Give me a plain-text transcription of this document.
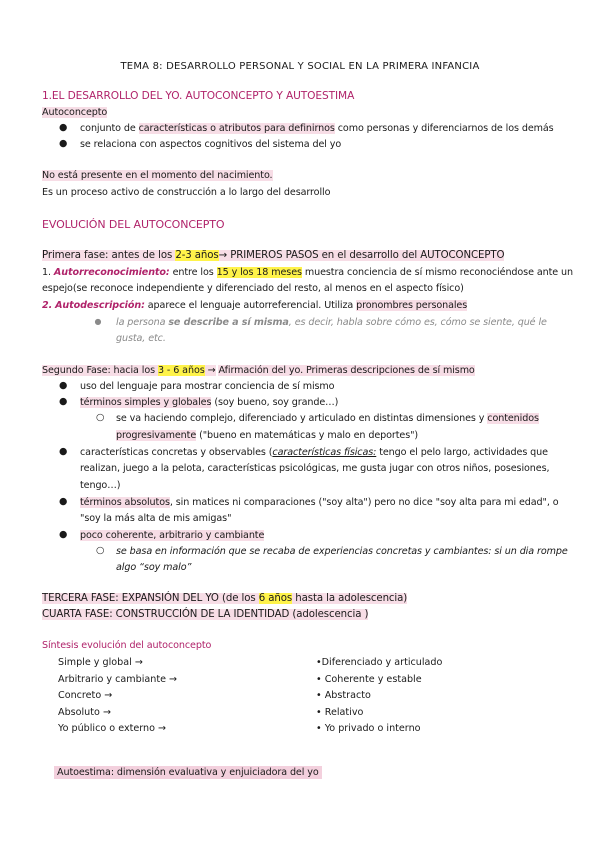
TEMA 8: DESARROLLO PERSONAL Y SOCIAL EN LA PRIMERA INFANCIA
1.EL DESARROLLO DEL YO. AUTOCONCEPTO Y AUTOESTIMA
Autoconcepto
● conjunto de características o atributos para definirnos como personas y diferenciarnos de los demás
● se relaciona con aspectos cognitivos del sistema del yo
No está presente en el momento del nacimiento.
Es un proceso activo de construcción a lo largo del desarrollo
EVOLUCIÓN DEL AUTOCONCEPTO
Primera fase: antes de los 2-3 años→ PRIMEROS PASOS en el desarrollo del AUTOCONCEPTO
1. Autorreconocimiento: entre los 15 y los 18 meses muestra conciencia de sí mismo reconociéndose ante un
espejo(se reconoce independiente y diferenciado del resto, al menos en el aspecto físico)
2. Autodescripción: aparece el lenguaje autorreferencial. Utiliza pronombres personales
● la persona se describe a sí misma, es decir, habla sobre cómo es, cómo se siente, qué le
gusta, etc.
Segundo Fase: hacia los 3 - 6 años → Afirmación del yo. Primeras descripciones de sí mismo
● uso del lenguaje para mostrar conciencia de sí mismo
● términos simples y globales (soy bueno, soy grande…)
○ se va haciendo complejo, diferenciado y articulado en distintas dimensiones y contenidos
progresivamente ("bueno en matemáticas y malo en deportes")
● características concretas y observables (características físicas: tengo el pelo largo, actividades que
realizan, juego a la pelota, características psicológicas, me gusta jugar con otros niños, posesiones,
tengo…)
● términos absolutos, sin matices ni comparaciones ("soy alta") pero no dice "soy alta para mi edad", o
"soy la más alta de mis amigas"
● poco coherente, arbitrario y cambiante
○ se basa en información que se recaba de experiencias concretas y cambiantes: si un dia rompe
algo “soy malo”
TERCERA FASE: EXPANSIÓN DEL YO (de los 6 años hasta la adolescencia)
CUARTA FASE: CONSTRUCCIÓN DE LA IDENTIDAD (adolescencia )
Síntesis evolución del autoconcepto
Simple y global →
Arbitrario y cambiante →
Concreto →
Absoluto →
Yo público o externo →
•Diferenciado y articulado
• Coherente y estable
• Abstracto
• Relativo
• Yo privado o interno
Autoestima: dimensión evaluativa y enjuiciadora del yo
